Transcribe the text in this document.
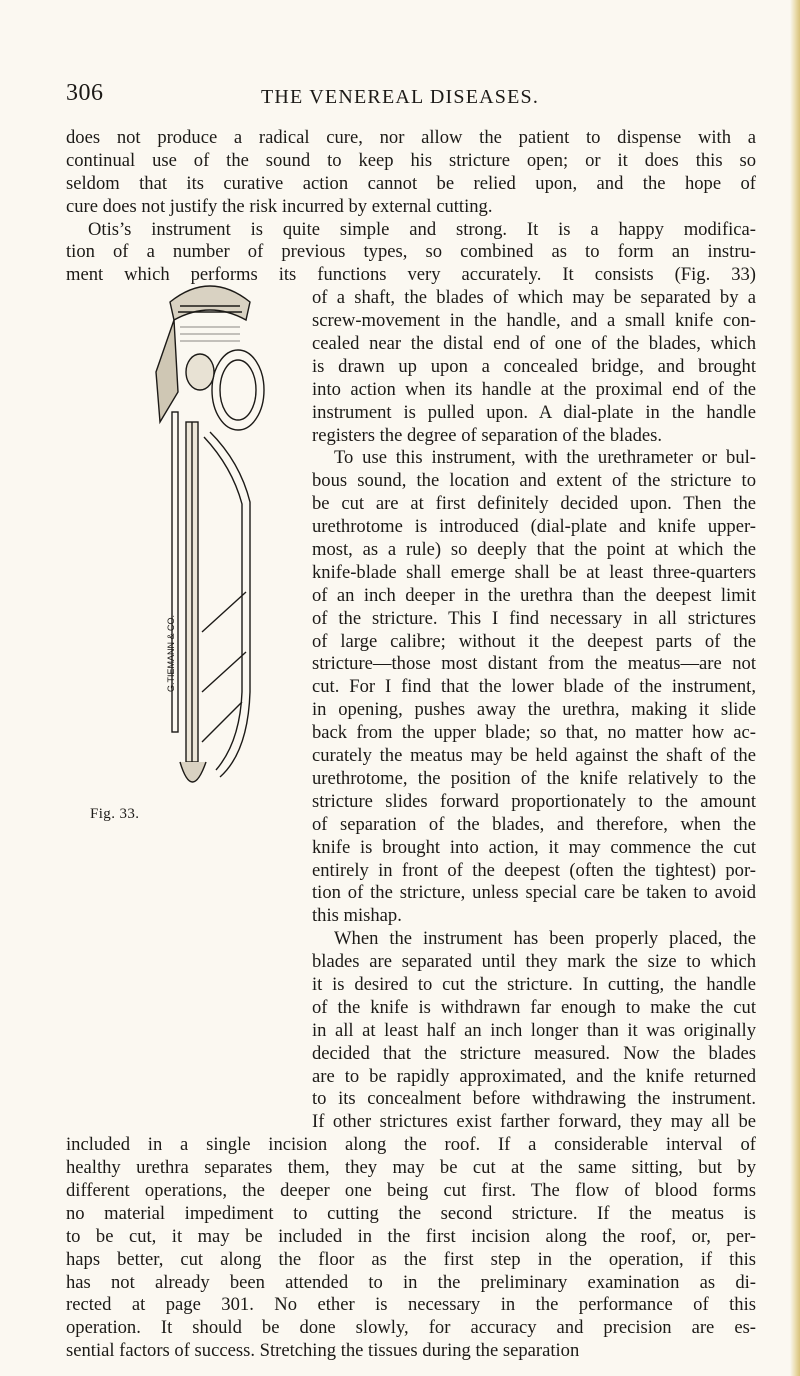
306	THE VENEREAL DISEASES.
G.TIEMANN & CO.
Fig. 33.
does not produce a radical cure, nor allow the patient to dispense with a
continual use of the sound to keep his stricture open; or it does this so
seldom that its curative action cannot be relied upon, and the hope of
cure does not justify the risk incurred by external cutting.
Otis’s instrument is quite simple and strong. It is a happy modifica-
tion of a number of previous types, so combined as to form an instru-
ment which performs its functions very accurately. It consists (Fig. 33)
of a shaft, the blades of which may be separated by a
screw-movement in the handle, and a small knife con-
cealed near the distal end of one of the blades, which
is drawn up upon a concealed bridge, and brought
into action when its handle at the proximal end of the
instrument is pulled upon. A dial-plate in the handle
registers the degree of separation of the blades.
To use this instrument, with the urethrameter or bul-
bous sound, the location and extent of the stricture to
be cut are at first definitely decided upon. Then the
urethrotome is introduced (dial-plate and knife upper-
most, as a rule) so deeply that the point at which the
knife-blade shall emerge shall be at least three-quarters
of an inch deeper in the urethra than the deepest limit
of the stricture. This I find necessary in all strictures
of large calibre; without it the deepest parts of the
stricture—those most distant from the meatus—are not
cut. For I find that the lower blade of the instrument,
in opening, pushes away the urethra, making it slide
back from the upper blade; so that, no matter how ac-
curately the meatus may be held against the shaft of the
urethrotome, the position of the knife relatively to the
stricture slides forward proportionately to the amount
of separation of the blades, and therefore, when the
knife is brought into action, it may commence the cut
entirely in front of the deepest (often the tightest) por-
tion of the stricture, unless special care be taken to avoid
this mishap.
When the instrument has been properly placed, the
blades are separated until they mark the size to which
it is desired to cut the stricture. In cutting, the handle
of the knife is withdrawn far enough to make the cut
in all at least half an inch longer than it was originally
decided that the stricture measured. Now the blades
are to be rapidly approximated, and the knife returned
to its concealment before withdrawing the instrument.
If other strictures exist farther forward, they may all be
included in a single incision along the roof. If a considerable interval of
healthy urethra separates them, they may be cut at the same sitting, but by
different operations, the deeper one being cut first. The flow of blood forms
no material impediment to cutting the second stricture. If the meatus is
to be cut, it may be included in the first incision along the roof, or, per-
haps better, cut along the floor as the first step in the operation, if this
has not already been attended to in the preliminary examination as di-
rected at page 301. No ether is necessary in the performance of this
operation. It should be done slowly, for accuracy and precision are es-
sential factors of success. Stretching the tissues during the separation
